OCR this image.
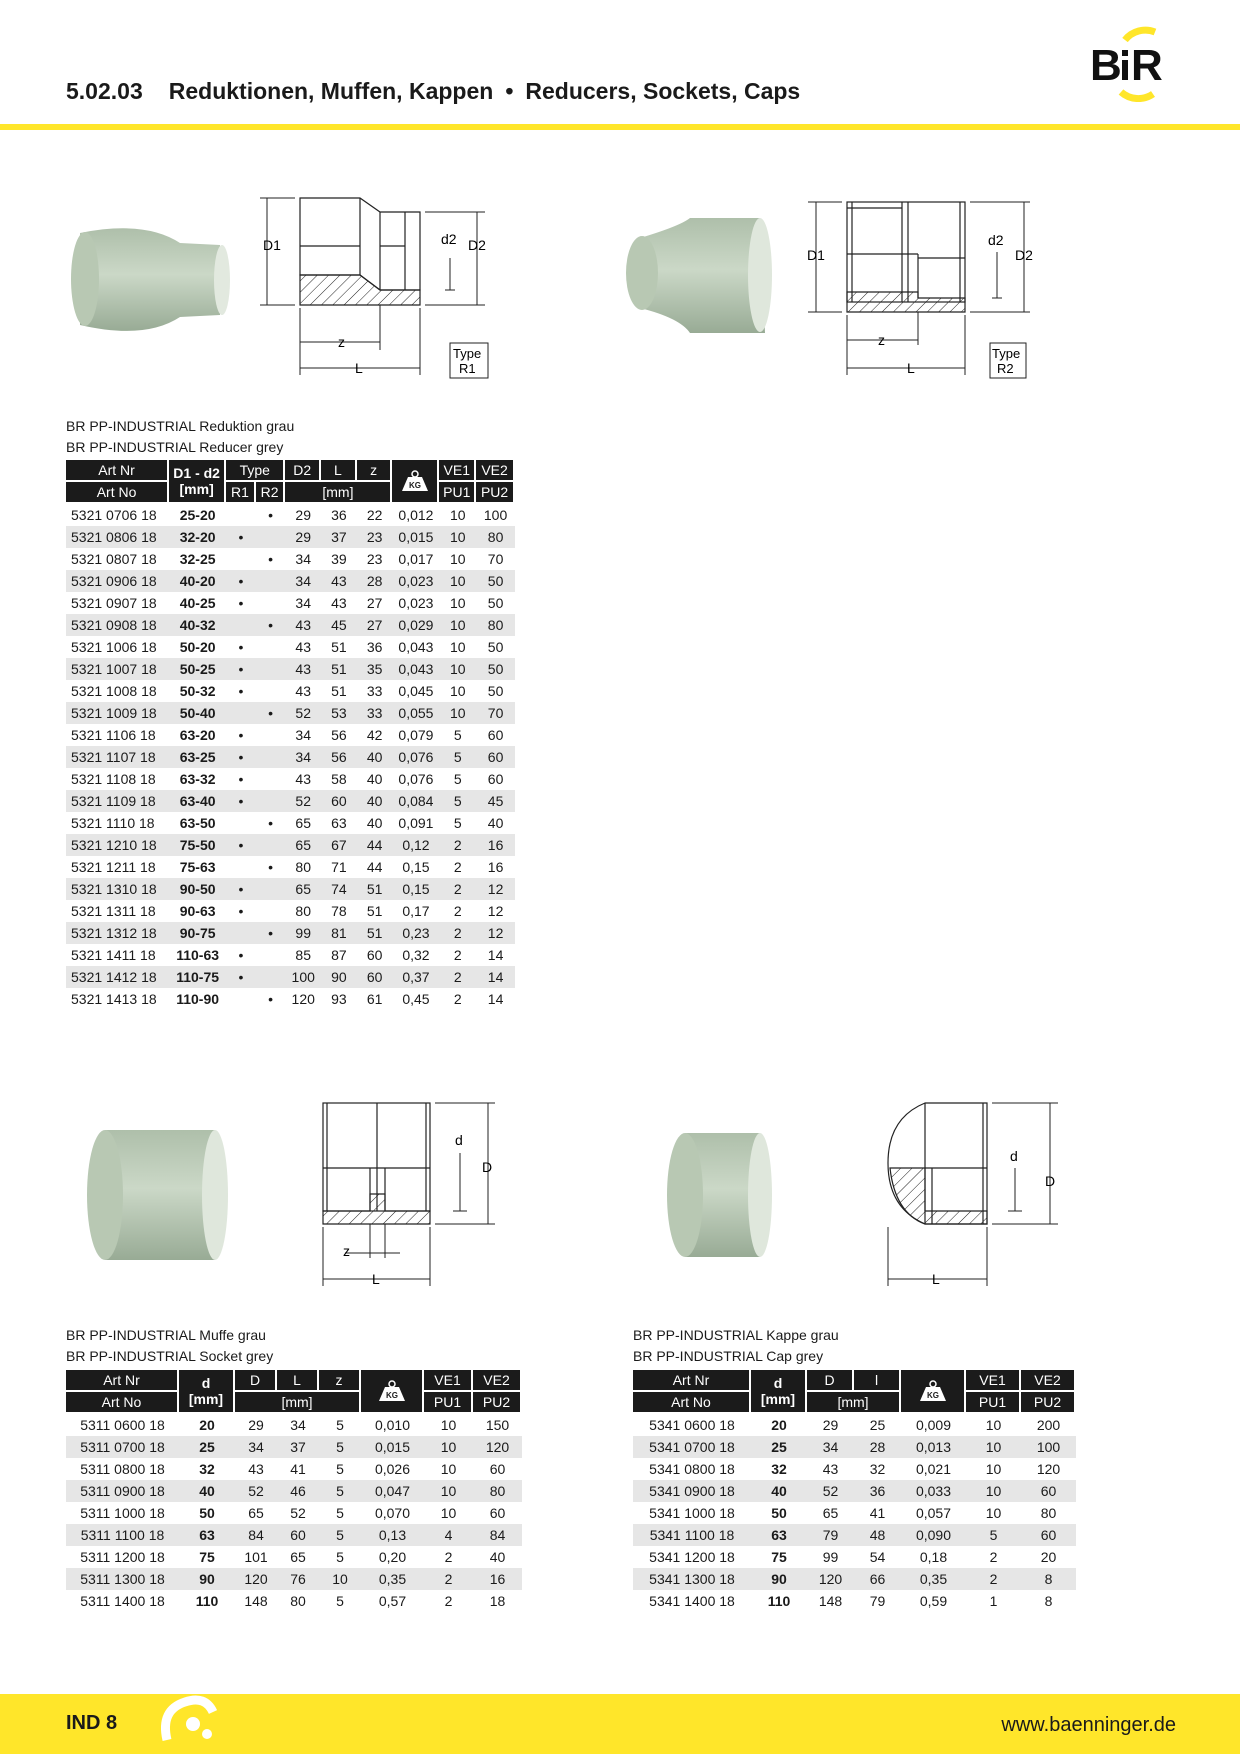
5.02.03 Reduktionen, Muffen, Kappen • Reducers, Sockets, Caps
B R
D1	d2 D2
z
L
Type
R1
D1
d2
D2
z
L
Type
R2
BR PP-INDUSTRIAL Reduktion grau
BR PP-INDUSTRIAL Reducer grey
Art Nr	D1 - d2
[mm]	Type		D2	L	z	KG	VE1	VE2
Art No		R1	R2	[mm]				PU1	PU2
5321 0706 18	25-20		•	29	36	22	0,012	10	100
5321 0806 18	32-20	•		29	37	23	0,015	10	80
5321 0807 18	32-25		•	34	39	23	0,017	10	70
5321 0906 18	40-20	•		34	43	28	0,023	10	50
5321 0907 18	40-25	•		34	43	27	0,023	10	50
5321 0908 18	40-32		•	43	45	27	0,029	10	80
5321 1006 18	50-20	•		43	51	36	0,043	10	50
5321 1007 18	50-25	•		43	51	35	0,043	10	50
5321 1008 18	50-32	•		43	51	33	0,045	10	50
5321 1009 18	50-40		•	52	53	33	0,055	10	70
5321 1106 18	63-20	•		34	56	42	0,079	5	60
5321 1107 18	63-25	•		34	56	40	0,076	5	60
5321 1108 18	63-32	•		43	58	40	0,076	5	60
5321 1109 18	63-40	•		52	60	40	0,084	5	45
5321 1110 18	63-50		•	65	63	40	0,091	5	40
5321 1210 18	75-50	•		65	67	44	0,12	2	16
5321 1211 18	75-63		•	80	71	44	0,15	2	16
5321 1310 18	90-50	•		65	74	51	0,15	2	12
5321 1311 18	90-63	•		80	78	51	0,17	2	12
5321 1312 18	90-75		•	99	81	51	0,23	2	12
5321 1411 18	110-63	•		85	87	60	0,32	2	14
5321 1412 18	110-75	•		100	90	60	0,37	2	14
5321 1413 18	110-90		•	120	93	61	0,45	2	14
d
D
z
L
d
D
L
BR PP-INDUSTRIAL Muffe grau
BR PP-INDUSTRIAL Socket grey
Art Nr	d
[mm]	D	L	z	KG	VE1	VE2
Art No		[mm]				PU1	PU2
5311 0600 18	20	29	34	5	0,010	10	150
5311 0700 18	25	34	37	5	0,015	10	120
5311 0800 18	32	43	41	5	0,026	10	60
5311 0900 18	40	52	46	5	0,047	10	80
5311 1000 18	50	65	52	5	0,070	10	60
5311 1100 18	63	84	60	5	0,13	4	84
5311 1200 18	75	101	65	5	0,20	2	40
5311 1300 18	90	120	76	10	0,35	2	16
5311 1400 18	110	148	80	5	0,57	2	18
BR PP-INDUSTRIAL Kappe grau
BR PP-INDUSTRIAL Cap grey
Art Nr	d
[mm]	D	l	KG	VE1	VE2
Art No		[mm]			PU1	PU2
5341 0600 18	20	29	25	0,009	10	200
5341 0700 18	25	34	28	0,013	10	100
5341 0800 18	32	43	32	0,021	10	120
5341 0900 18	40	52	36	0,033	10	60
5341 1000 18	50	65	41	0,057	10	80
5341 1100 18	63	79	48	0,090	5	60
5341 1200 18	75	99	54	0,18	2	20
5341 1300 18	90	120	66	0,35	2	8
5341 1400 18	110	148	79	0,59	1	8
IND 8	www.baenninger.de
